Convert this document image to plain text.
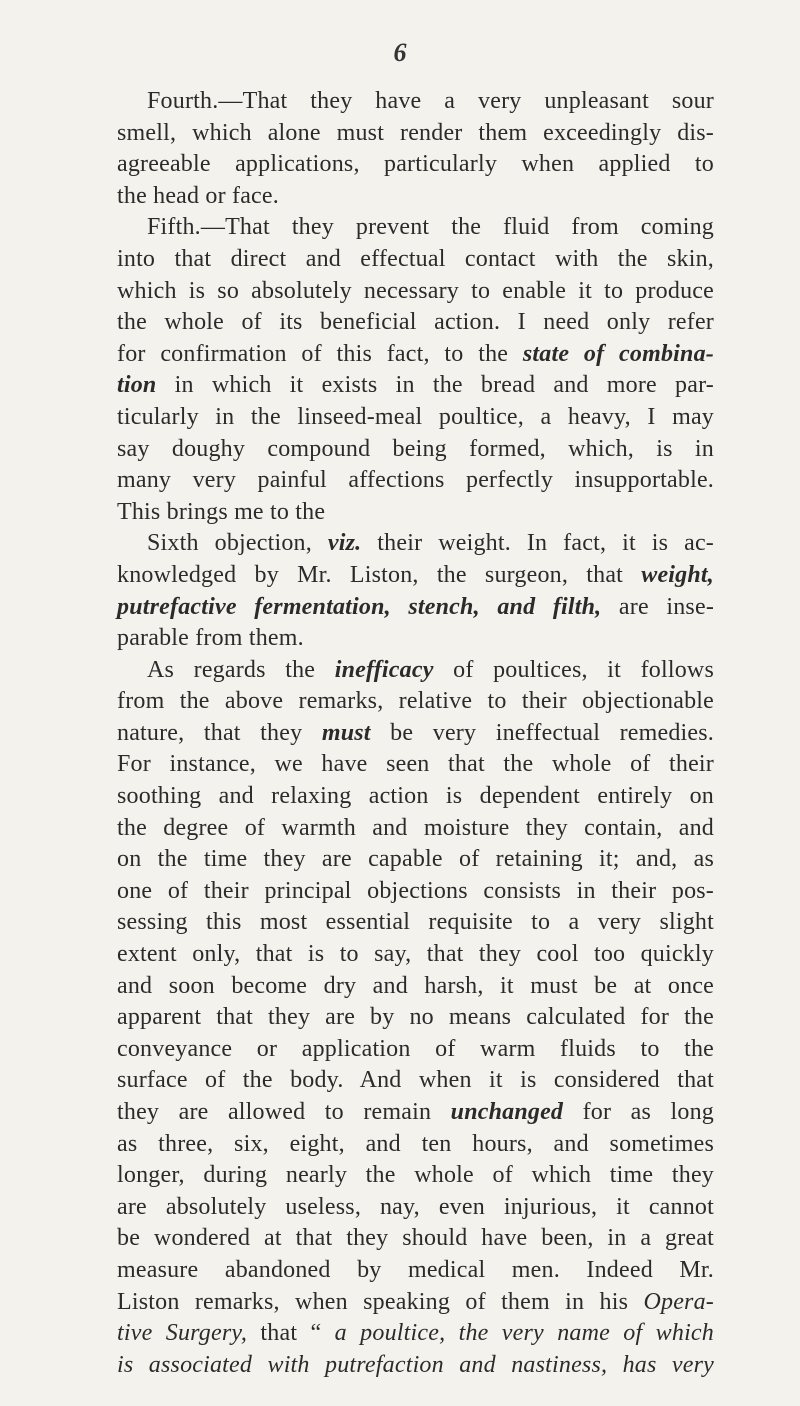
6
Fourth.—That they have a very unpleasant sour
smell, which alone must render them exceedingly dis-
agreeable applications, particularly when applied to
the head or face.
Fifth.—That they prevent the fluid from coming
into that direct and effectual contact with the skin,
which is so absolutely necessary to enable it to produce
the whole of its beneficial action. I need only refer
for confirmation of this fact, to the state of combina-
tion in which it exists in the bread and more par-
ticularly in the linseed-meal poultice, a heavy, I may
say doughy compound being formed, which, is in
many very painful affections perfectly insupportable.
This brings me to the
Sixth objection, viz. their weight. In fact, it is ac-
knowledged by Mr. Liston, the surgeon, that weight,
putrefactive fermentation, stench, and filth, are inse-
parable from them.
As regards the inefficacy of poultices, it follows
from the above remarks, relative to their objectionable
nature, that they must be very ineffectual remedies.
For instance, we have seen that the whole of their
soothing and relaxing action is dependent entirely on
the degree of warmth and moisture they contain, and
on the time they are capable of retaining it; and, as
one of their principal objections consists in their pos-
sessing this most essential requisite to a very slight
extent only, that is to say, that they cool too quickly
and soon become dry and harsh, it must be at once
apparent that they are by no means calculated for the
conveyance or application of warm fluids to the
surface of the body. And when it is considered that
they are allowed to remain unchanged for as long
as three, six, eight, and ten hours, and sometimes
longer, during nearly the whole of which time they
are absolutely useless, nay, even injurious, it cannot
be wondered at that they should have been, in a great
measure abandoned by medical men. Indeed Mr.
Liston remarks, when speaking of them in his Opera-
tive Surgery, that “ a poultice, the very name of which
is associated with putrefaction and nastiness, has very
